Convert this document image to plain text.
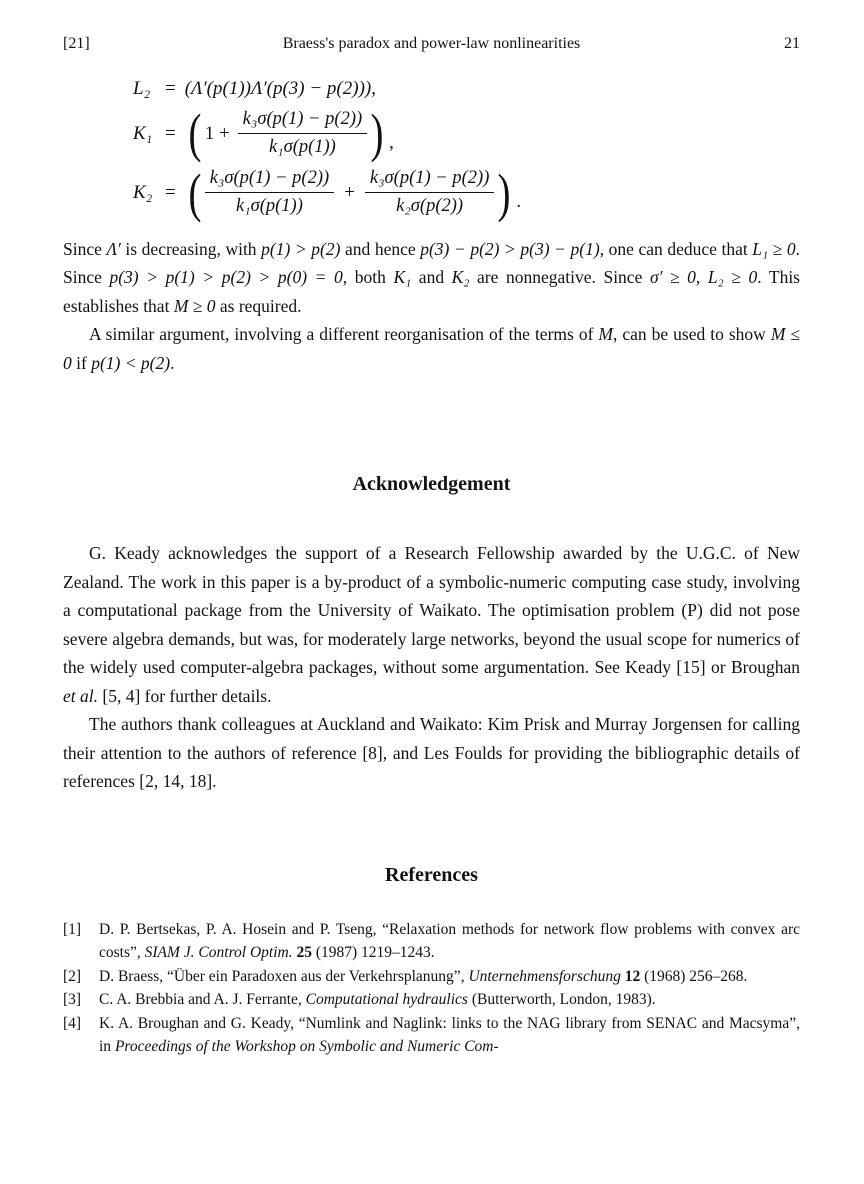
[21]	Braess's paradox and power-law nonlinearities	21
L₂ = (Λ′(p(1))Λ′(p(3) − p(2))),
K₁ = ( $1 + \frac{\text{k₃σ(p(1) − p(2))}}{\text{k₁σ(p(1))}}$ ) ,
K₂ = ( $\frac{\text{k₃σ(p(1) − p(2))}}{\text{k₁σ(p(1))}} + \frac{\text{k₃σ(p(1) − p(2))}}{\text{k₂σ(p(2))}}$ ) .

Since Λ′ is decreasing, with p(1) > p(2) and hence p(3) − p(2) > p(3) − p(1), one can deduce that L₁ ≥ 0. Since p(3) > p(1) > p(2) > p(0) = 0, both K₁ and K₂ are nonnegative. Since σ′ ≥ 0, L₂ ≥ 0. This establishes that M ≥ 0 as required.

A similar argument, involving a different reorganisation of the terms of M, can be used to show M ≤ 0 if p(1) < p(2).

Acknowledgement

G. Keady acknowledges the support of a Research Fellowship awarded by the U.G.C. of New Zealand. The work in this paper is a by-product of a symbolic-numeric computing case study, involving a computational package from the University of Waikato. The optimisation problem (P) did not pose severe algebra demands, but was, for moderately large networks, beyond the usual scope for numerics of the widely used computer-algebra packages, without some argumentation. See Keady [15] or Broughan et al. [5, 4] for further details.

The authors thank colleagues at Auckland and Waikato: Kim Prisk and Murray Jorgensen for calling their attention to the authors of reference [8], and Les Foulds for providing the bibliographic details of references [2, 14, 18].

References
[1]	D. P. Bertsekas, P. A. Hosein and P. Tseng, “Relaxation methods for network flow problems with convex arc costs”, SIAM J. Control Optim. 25 (1987) 1219–1243.
[2]	D. Braess, “Über ein Paradoxen aus der Verkehrsplanung”, Unternehmensforschung 12 (1968) 256–268.
[3]	C. A. Brebbia and A. J. Ferrante, Computational hydraulics (Butterworth, London, 1983).
[4]	K. A. Broughan and G. Keady, “Numlink and Naglink: links to the NAG library from SENAC and Macsyma”, in Proceedings of the Workshop on Symbolic and Numeric Com-
